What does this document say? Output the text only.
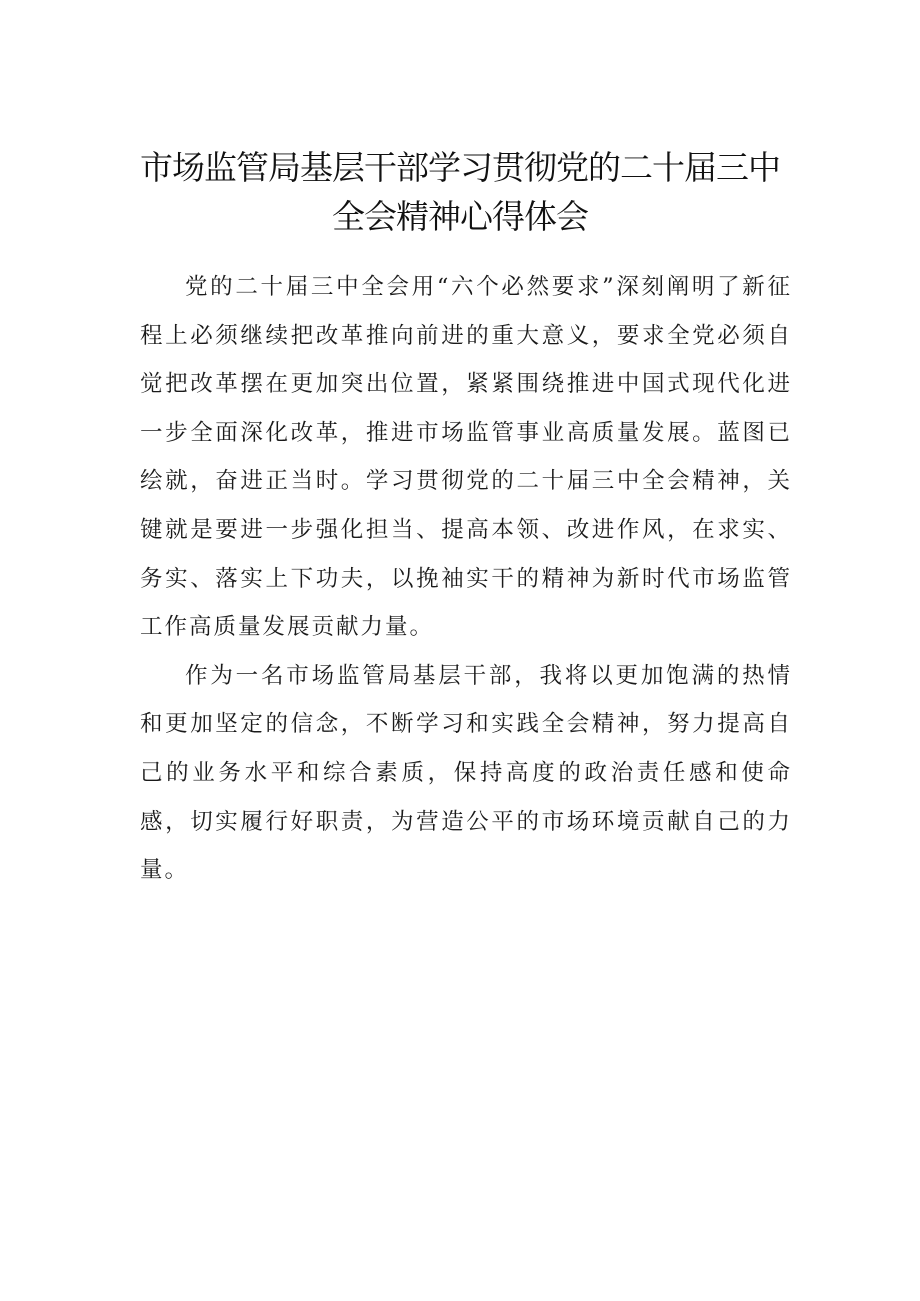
市场监管局基层干部学习贯彻党的二十届三中全会精神心得体会

党的二十届三中全会用“六个必然要求”深刻阐明了新征程上必须继续把改革推向前进的重大意义，要求全党必须自觉把改革摆在更加突出位置，紧紧围绕推进中国式现代化进一步全面深化改革，推进市场监管事业高质量发展。蓝图已绘就，奋进正当时。学习贯彻党的二十届三中全会精神，关键就是要进一步强化担当、提高本领、改进作风，在求实、务实、落实上下功夫，以挽袖实干的精神为新时代市场监管工作高质量发展贡献力量。

作为一名市场监管局基层干部，我将以更加饱满的热情和更加坚定的信念，不断学习和实践全会精神，努力提高自己的业务水平和综合素质，保持高度的政治责任感和使命感，切实履行好职责，为营造公平的市场环境贡献自己的力量。
